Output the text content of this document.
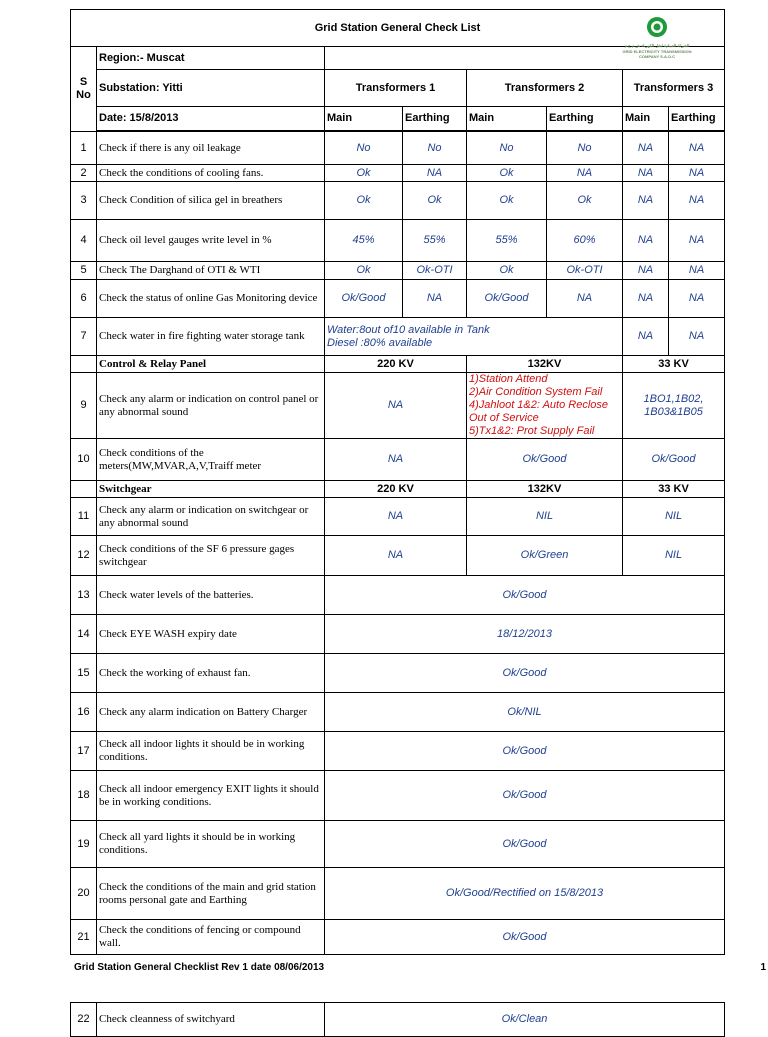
Grid Station General Check List
الشركة العمانية لنقل الكهرباء ش.م.ع.م
GRID ELECTRICITY TRANSMISSION COMPANY S.A.O.C							

S No	Region:- Muscat						
	Substation: Yitti	Transformers 1		Transformers 2		Transformers 3	
	Date: 15/8/2013	Main	Earthing	Main	Earthing	Main	Earthing

1	Check if there is any oil leakage	No	No	No	No	NA	NA
2	Check the conditions of cooling fans.	Ok	NA	Ok	NA	NA	NA
3	Check Condition of silica gel in breathers	Ok	Ok	Ok	Ok	NA	NA
4	Check oil level gauges write level in %	45%	55%	55%	60%	NA	NA
5	Check The Darghand of OTI & WTI	Ok	Ok-OTI	Ok	Ok-OTI	NA	NA
6	Check the status of online Gas Monitoring device	Ok/Good	NA	Ok/Good	NA	NA	NA
7	Check water in fire fighting water storage tank	Water:8out of10 available in Tank
Diesel :80% available				NA	NA
	Control & Relay Panel	220 KV		132KV		33 KV	
9	Check any alarm or indication on control panel or any abnormal sound	NA		1)Station Attend
2)Air Condition System Fail
4)Jahloot 1&2: Auto Reclose Out of Service
5)Tx1&2: Prot Supply Fail		1BO1,1B02, 1B03&1B05	
10	Check conditions of the meters(MW,MVAR,A,V,Traiff meter	NA		Ok/Good		Ok/Good	
	Switchgear	220 KV		132KV		33 KV	
11	Check any alarm or indication on switchgear or any abnormal sound	NA		NIL		NIL	
12	Check conditions of the SF 6 pressure gages switchgear	NA		Ok/Green		NIL	
13	Check water levels of the batteries.	Ok/Good					
14	Check EYE WASH expiry date	18/12/2013					
15	Check the working of exhaust fan.	Ok/Good					
16	Check any alarm indication on Battery Charger	Ok/NIL					
17	Check all indoor lights it should be in working conditions.	Ok/Good					
18	Check all indoor emergency EXIT lights it should be in working conditions.	Ok/Good					
19	Check all yard lights it should be in working conditions.	Ok/Good					
20	Check the conditions of the main and grid station rooms personal gate and Earthing	Ok/Good/Rectified on 15/8/2013					
21	Check the conditions of fencing or compound wall.	Ok/Good					
Grid Station General Checklist Rev 1 date 08/06/2013	1
22	Check cleanness of switchyard	Ok/Clean
